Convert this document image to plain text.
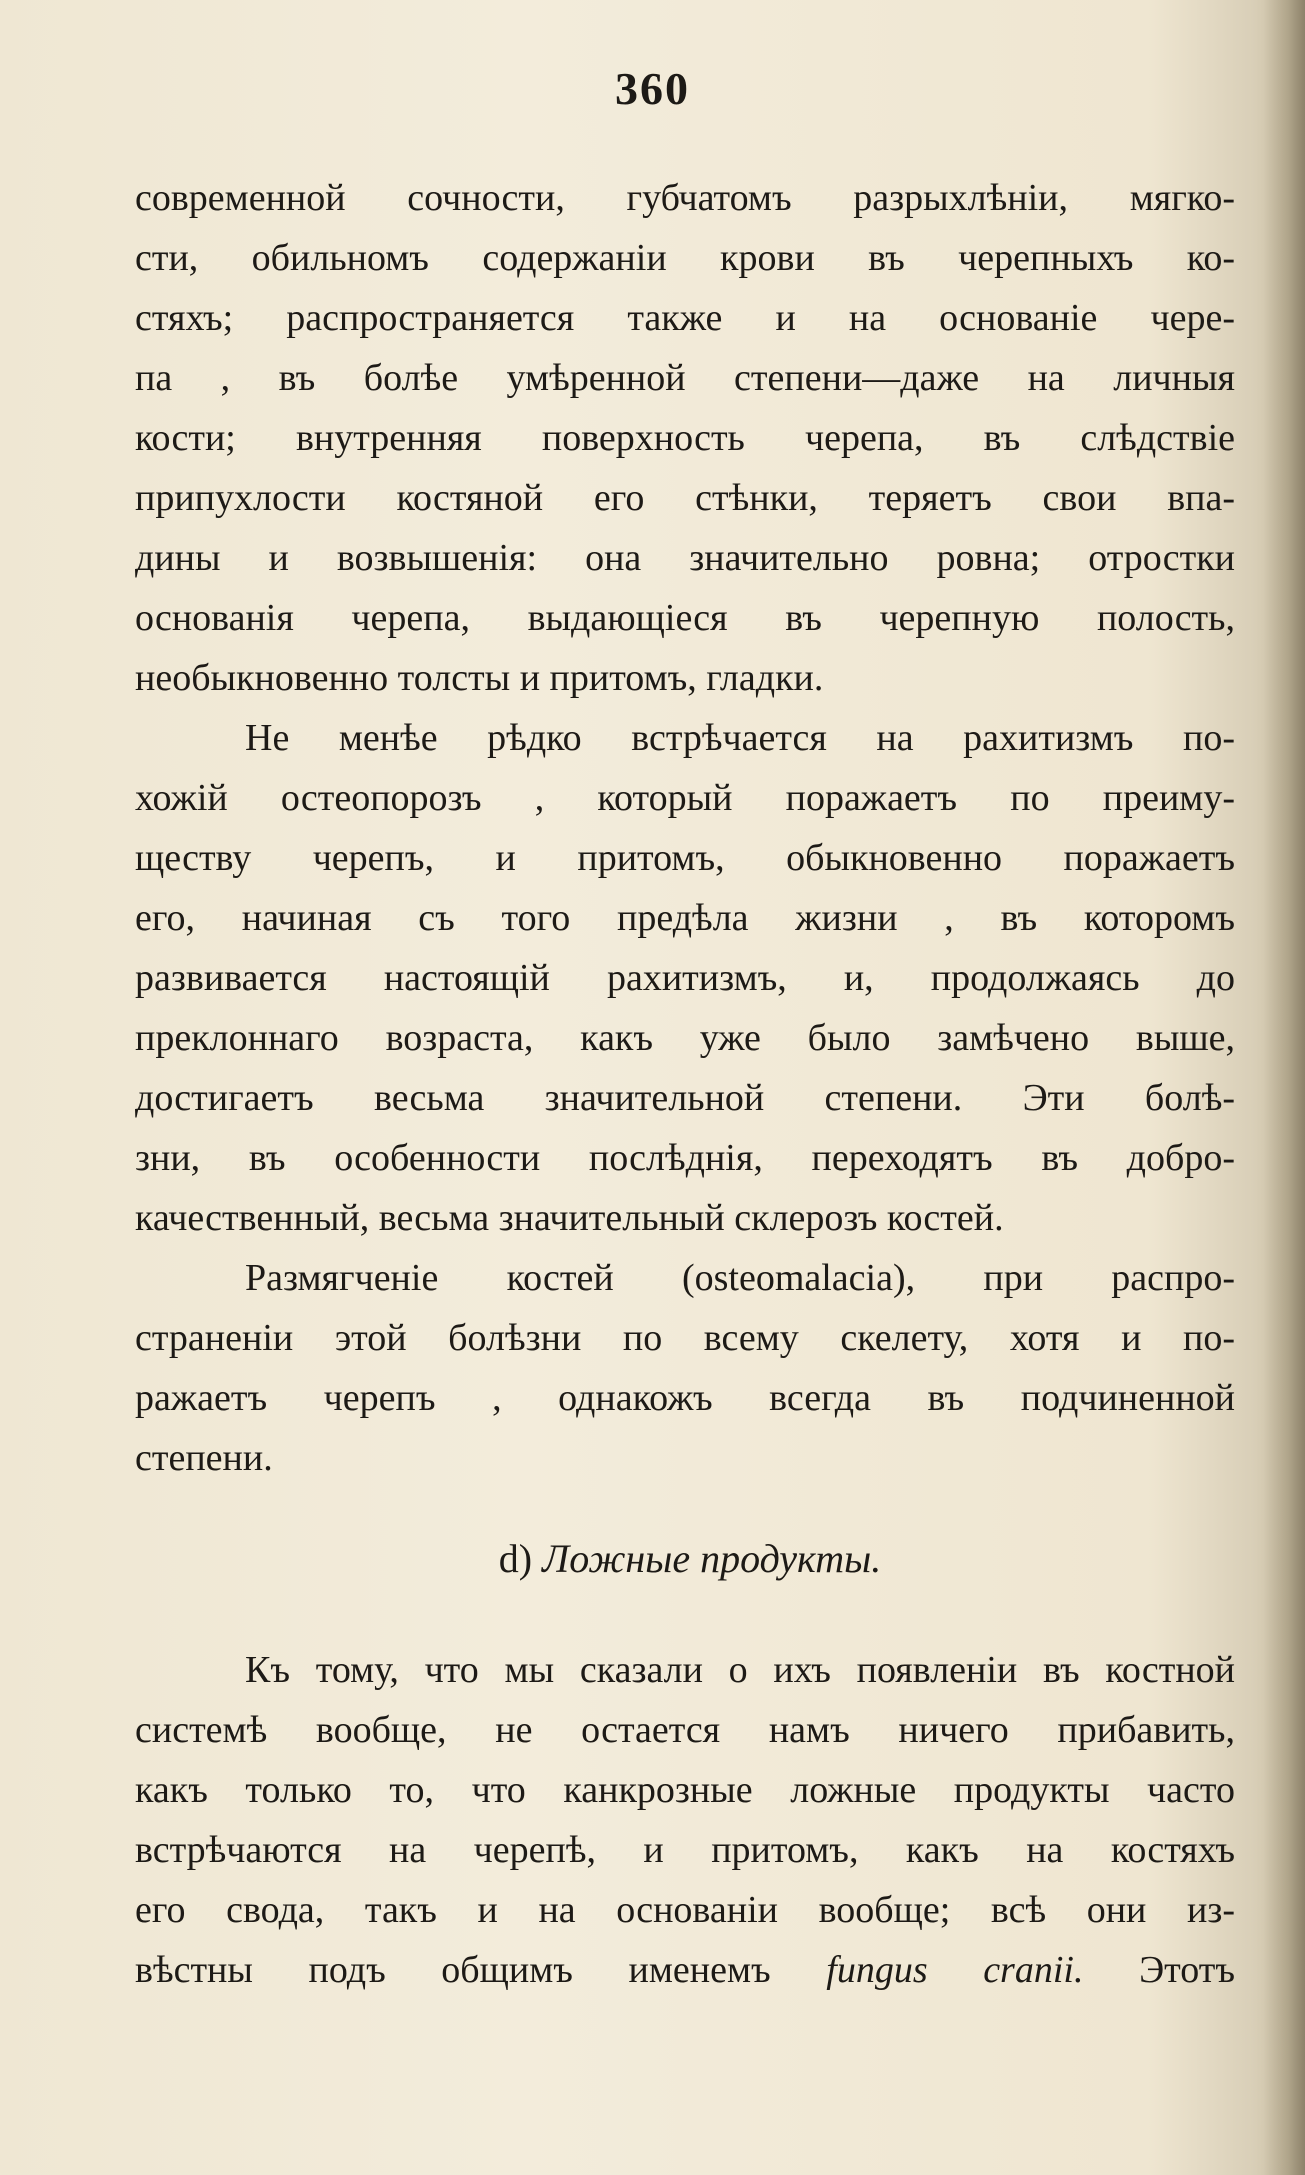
360
современной сочности, губчатомъ разрыхлѣніи, мягко-
сти, обильномъ содержаніи крови въ черепныхъ ко-
стяхъ; распространяется также и на основаніе чере-
па , въ болѣе умѣренной степени—даже на личныя
кости; внутренняя поверхность черепа, въ слѣдствіе
припухлости костяной его стѣнки, теряетъ свои впа-
дины и возвышенія: она значительно ровна; отростки
основанія черепа, выдающіеся въ черепную полость,
необыкновенно толсты и притомъ, гладки.
Не менѣе рѣдко встрѣчается на рахитизмъ по-
хожій остеопорозъ , который поражаетъ по преиму-
ществу черепъ, и притомъ, обыкновенно поражаетъ
его, начиная съ того предѣла жизни , въ которомъ
развивается настоящій рахитизмъ, и, продолжаясь до
преклоннаго возраста, какъ уже было замѣчено выше,
достигаетъ весьма значительной степени. Эти болѣ-
зни, въ особенности послѣднія, переходятъ въ добро-
качественный, весьма значительный склерозъ костей.
Размягченіе костей (osteomalacia), при распро-
страненіи этой болѣзни по всему скелету, хотя и по-
ражаетъ черепъ , однакожъ всегда въ подчиненной
степени.
d) Ложные продукты.
Къ тому, что мы сказали о ихъ появленіи въ костной
системѣ вообще, не остается намъ ничего прибавить,
какъ только то, что канкрозные ложные продукты часто
встрѣчаются на черепѣ, и притомъ, какъ на костяхъ
его свода, такъ и на основаніи вообще; всѣ они из-
вѣстны подъ общимъ именемъ fungus cranii. Этотъ
